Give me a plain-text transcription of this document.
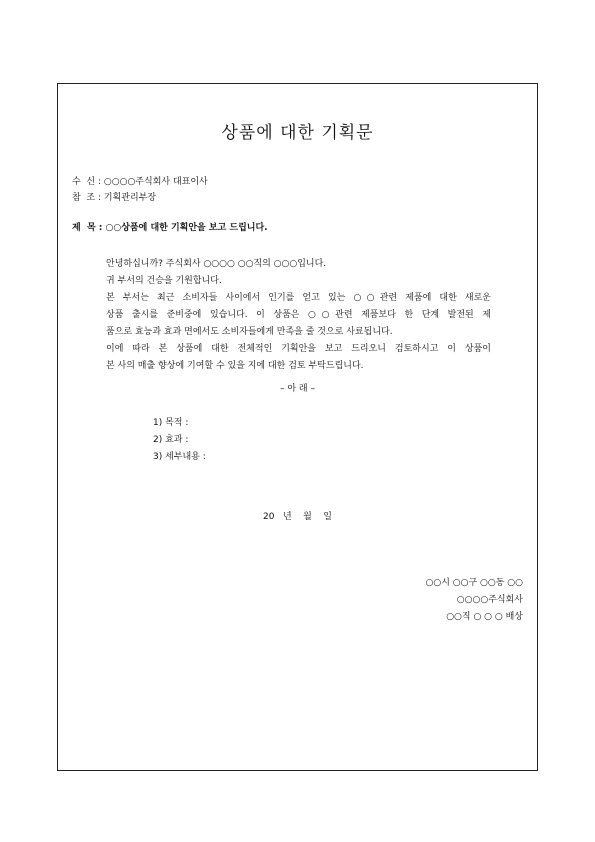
상품에 대한 기획문
수  신 : ○○○○주식회사 대표이사
참  조 : 기획관리부장
제  목 : ○○상품에 대한 기획안을 보고 드립니다.

안녕하십니까? 주식회사 ○○○○ ○○직의 ○○○입니다.

귀 부서의 건승을 기원합니다.

본 부서는 최근 소비자들 사이에서 인기를 얻고 있는 ○○관련 제품에 대한 새로운

상품 출시를 준비중에 있습니다. 이 상품은 ○○관련 제품보다 한 단계 발전된 제

품으로 효능과 효과 면에서도 소비자들에게 만족을 줄 것으로 사료됩니다.

이에 따라 본 상품에 대한 전체적인 기획안을 보고 드리오니 검토하시고 이 상품이

본 사의 매출 향상에 기여할 수 있을 지에 대한 검토 부탁드립니다.

– 아 래 –
1) 목적 :
2) 효과 :
3) 세부내용 :
20   년    월    일
○○시 ○○구 ○○동 ○○
○○○○주식회사
○○직 ○ ○ ○ 배상
